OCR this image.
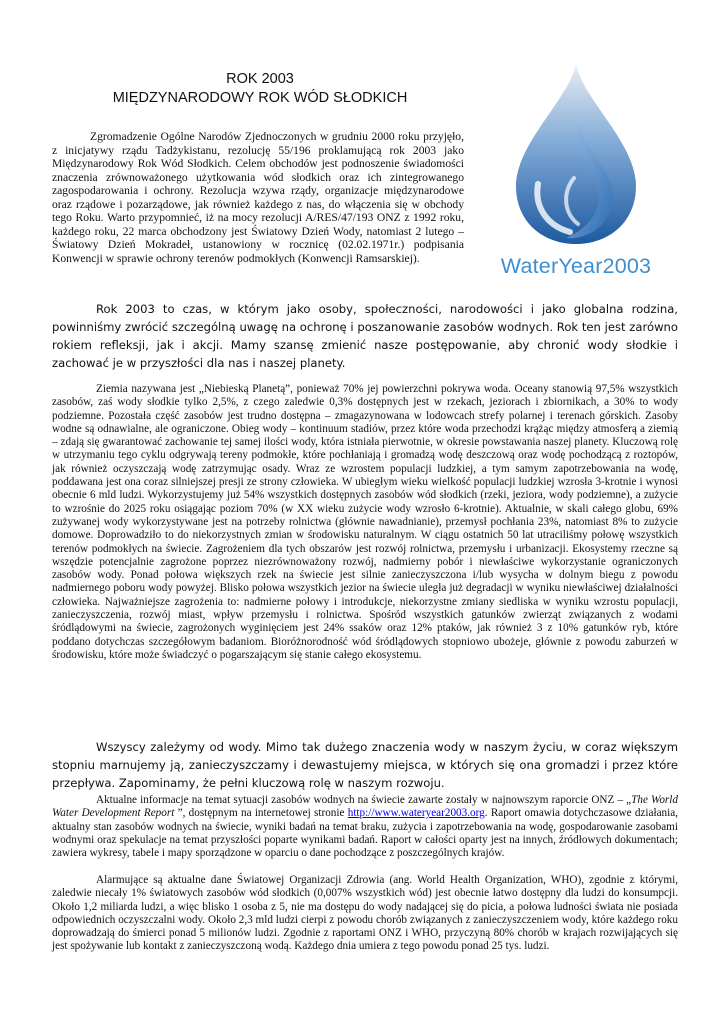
ROK 2003
MIĘDZYNARODOWY ROK WÓD SŁODKICH

Zgromadzenie Ogólne Narodów Zjednoczonych w grudniu 2000 roku przyjęło, z inicjatywy rządu Tadżykistanu, rezolucję 55/196 proklamującą rok 2003 jako Międzynarodowy Rok Wód Słodkich. Celem obchodów jest podnoszenie świadomości znaczenia zrównoważonego użytkowania wód słodkich oraz ich zintegrowanego zagospodarowania i ochrony. Rezolucja wzywa rządy, organizacje międzynarodowe oraz rządowe i pozarządowe, jak również każdego z nas, do włączenia się w obchody tego Roku. Warto przypomnieć, iż na mocy rezolucji A/RES/47/193 ONZ z 1992 roku, każdego roku, 22 marca obchodzony jest Światowy Dzień Wody, natomiast 2 lutego – Światowy Dzień Mokradeł, ustanowiony w rocznicę (02.02.1971r.) podpisania Konwencji w sprawie ochrony terenów podmokłych (Konwencji Ramsarskiej).	WaterYear2003

Rok 2003 to czas, w którym jako osoby, społeczności, narodowości i jako globalna rodzina, powinniśmy zwrócić szczególną uwagę na ochronę i poszanowanie zasobów wodnych. Rok ten jest zarówno rokiem refleksji, jak i akcji. Mamy szansę zmienić nasze postępowanie, aby chronić wody słodkie i zachować je w przyszłości dla nas i naszej planety.

Ziemia nazywana jest „Niebieską Planetą”, ponieważ 70% jej powierzchni pokrywa woda. Oceany stanowią 97,5% wszystkich zasobów, zaś wody słodkie tylko 2,5%, z czego zaledwie 0,3% dostępnych jest w rzekach, jeziorach i zbiornikach, a 30% to wody podziemne. Pozostała część zasobów jest trudno dostępna – zmagazynowana w lodowcach strefy polarnej i terenach górskich. Zasoby wodne są odnawialne, ale ograniczone. Obieg wody – kontinuum stadiów, przez które woda przechodzi krążąc między atmosferą a ziemią – zdają się gwarantować zachowanie tej samej ilości wody, która istniała pierwotnie, w okresie powstawania naszej planety. Kluczową rolę w utrzymaniu tego cyklu odgrywają tereny podmokłe, które pochłaniają i gromadzą wodę deszczową oraz wodę pochodzącą z roztopów, jak również oczyszczają wodę zatrzymując osady. Wraz ze wzrostem populacji ludzkiej, a tym samym zapotrzebowania na wodę, poddawana jest ona coraz silniejszej presji ze strony człowieka. W ubiegłym wieku wielkość populacji ludzkiej wzrosła 3-krotnie i wynosi obecnie 6 mld ludzi. Wykorzystujemy już 54% wszystkich dostępnych zasobów wód słodkich (rzeki, jeziora, wody podziemne), a zużycie to wzrośnie do 2025 roku osiągając poziom 70% (w XX wieku zużycie wody wzrosło 6-krotnie). Aktualnie, w skali całego globu, 69% zużywanej wody wykorzystywane jest na potrzeby rolnictwa (głównie nawadnianie), przemysł pochłania 23%, natomiast 8% to zużycie domowe. Doprowadziło to do niekorzystnych zmian w środowisku naturalnym. W ciągu ostatnich 50 lat utraciliśmy połowę wszystkich terenów podmokłych na świecie. Zagrożeniem dla tych obszarów jest rozwój rolnictwa, przemysłu i urbanizacji. Ekosystemy rzeczne są wszędzie potencjalnie zagrożone poprzez niezrównoważony rozwój, nadmierny pobór i niewłaściwe wykorzystanie ograniczonych zasobów wody. Ponad połowa większych rzek na świecie jest silnie zanieczyszczona i/lub wysycha w dolnym biegu z powodu nadmiernego poboru wody powyżej. Blisko połowa wszystkich jezior na świecie uległa już degradacji w wyniku niewłaściwej działalności człowieka. Najważniejsze zagrożenia to: nadmierne połowy i introdukcje, niekorzystne zmiany siedliska w wyniku wzrostu populacji, zanieczyszczenia, rozwój miast, wpływ przemysłu i rolnictwa. Spośród wszystkich gatunków zwierząt związanych z wodami śródlądowymi na świecie, zagrożonych wyginięciem jest 24% ssaków oraz 12% ptaków, jak również 3 z 10% gatunków ryb, które poddano dotychczas szczegółowym badaniom. Bioróżnorodność wód śródlądowych stopniowo ubożeje, głównie z powodu zaburzeń w środowisku, które może świadczyć o pogarszającym się stanie całego ekosystemu.

Wszyscy zależymy od wody. Mimo tak dużego znaczenia wody w naszym życiu, w coraz większym stopniu marnujemy ją, zanieczyszczamy i dewastujemy miejsca, w których się ona gromadzi i przez które przepływa. Zapominamy, że pełni kluczową rolę w naszym rozwoju.

Aktualne informacje na temat sytuacji zasobów wodnych na świecie zawarte zostały w najnowszym raporcie ONZ – „The World Water Development Report ”, dostępnym na internetowej stronie http://www.wateryear2003.org. Raport omawia dotychczasowe działania, aktualny stan zasobów wodnych na świecie, wyniki badań na temat braku, zużycia i zapotrzebowania na wodę, gospodarowanie zasobami wodnymi oraz spekulacje na temat przyszłości poparte wynikami badań. Raport w całości oparty jest na innych, źródłowych dokumentach; zawiera wykresy, tabele i mapy sporządzone w oparciu o dane pochodzące z poszczególnych krajów.

Alarmujące są aktualne dane Światowej Organizacji Zdrowia (ang. World Health Organization, WHO), zgodnie z którymi, zaledwie niecały 1% światowych zasobów wód słodkich (0,007% wszystkich wód) jest obecnie łatwo dostępny dla ludzi do konsumpcji. Około 1,2 miliarda ludzi, a więc blisko 1 osoba z 5, nie ma dostępu do wody nadającej się do picia, a połowa ludności świata nie posiada odpowiednich oczyszczalni wody. Około 2,3 mld ludzi cierpi z powodu chorób związanych z zanieczyszczeniem wody, które każdego roku doprowadzają do śmierci ponad 5 milionów ludzi. Zgodnie z raportami ONZ i WHO, przyczyną 80% chorób w krajach rozwijających się jest spożywanie lub kontakt z zanieczyszczoną wodą. Każdego dnia umiera z tego powodu ponad 25 tys. ludzi.
